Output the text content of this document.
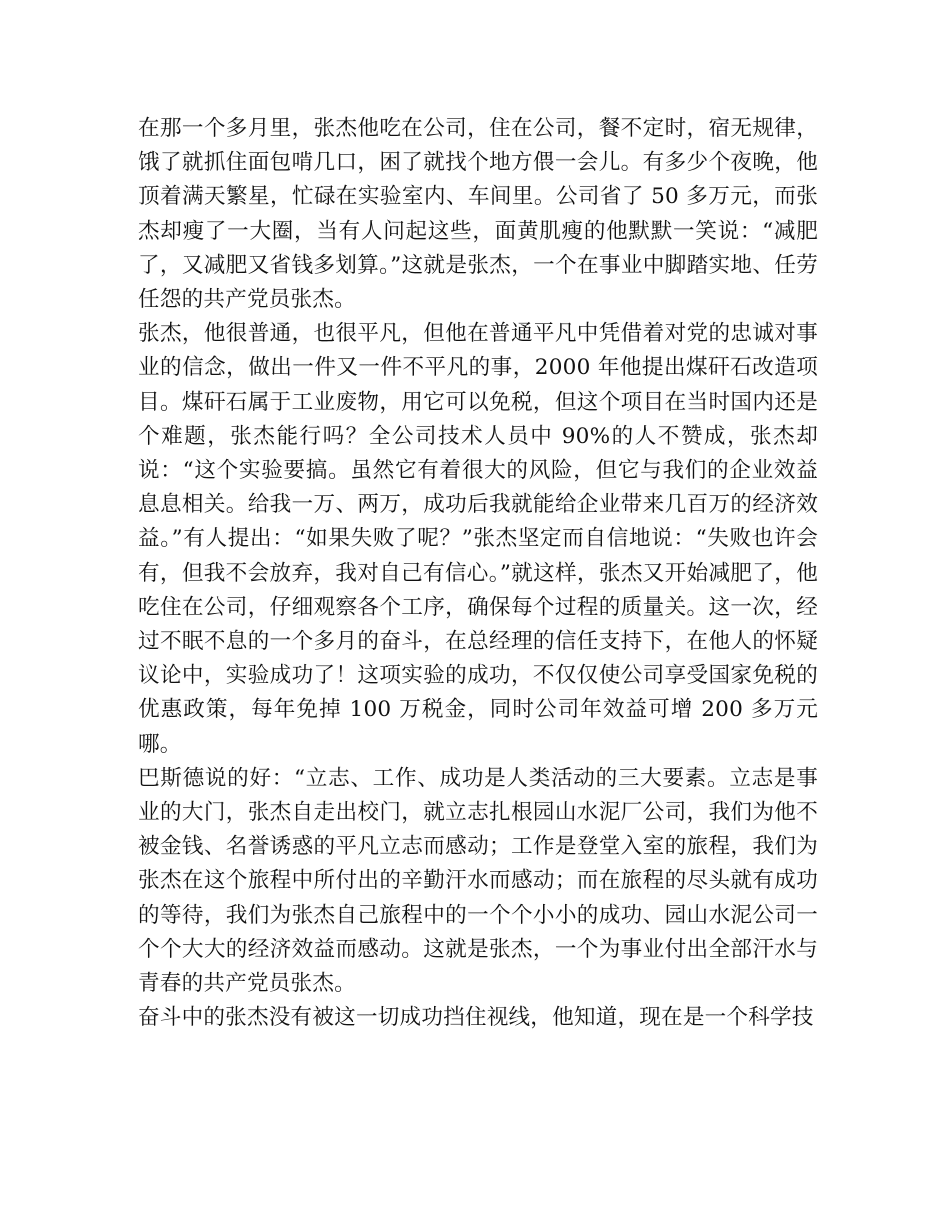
在那一个多月里，张杰他吃在公司，住在公司，餐不定时，宿无规律，饿了就抓住面包啃几口，困了就找个地方偎一会儿。有多少个夜晚，他顶着满天繁星，忙碌在实验室内、车间里。公司省了 50 多万元，而张杰却瘦了一大圈，当有人问起这些，面黄肌瘦的他默默一笑说：“减肥了，又减肥又省钱多划算。”这就是张杰，一个在事业中脚踏实地、任劳任怨的共产党员张杰。

张杰，他很普通，也很平凡，但他在普通平凡中凭借着对党的忠诚对事业的信念，做出一件又一件不平凡的事，2000 年他提出煤矸石改造项目。煤矸石属于工业废物，用它可以免税，但这个项目在当时国内还是个难题，张杰能行吗？全公司技术人员中 90%的人不赞成，张杰却说：“这个实验要搞。虽然它有着很大的风险，但它与我们的企业效益息息相关。给我一万、两万，成功后我就能给企业带来几百万的经济效益。”有人提出：“如果失败了呢？”张杰坚定而自信地说：“失败也许会有，但我不会放弃，我对自己有信心。”就这样，张杰又开始减肥了，他吃住在公司，仔细观察各个工序，确保每个过程的质量关。这一次，经过不眠不息的一个多月的奋斗，在总经理的信任支持下，在他人的怀疑议论中，实验成功了！这项实验的成功，不仅仅使公司享受国家免税的优惠政策，每年免掉 100 万税金，同时公司年效益可增 200 多万元哪。

巴斯德说的好：“立志、工作、成功是人类活动的三大要素。立志是事业的大门，张杰自走出校门，就立志扎根园山水泥厂公司，我们为他不被金钱、名誉诱惑的平凡立志而感动；工作是登堂入室的旅程，我们为张杰在这个旅程中所付出的辛勤汗水而感动；而在旅程的尽头就有成功的等待，我们为张杰自己旅程中的一个个小小的成功、园山水泥公司一个个大大的经济效益而感动。这就是张杰，一个为事业付出全部汗水与青春的共产党员张杰。

奋斗中的张杰没有被这一切成功挡住视线，他知道，现在是一个科学技
